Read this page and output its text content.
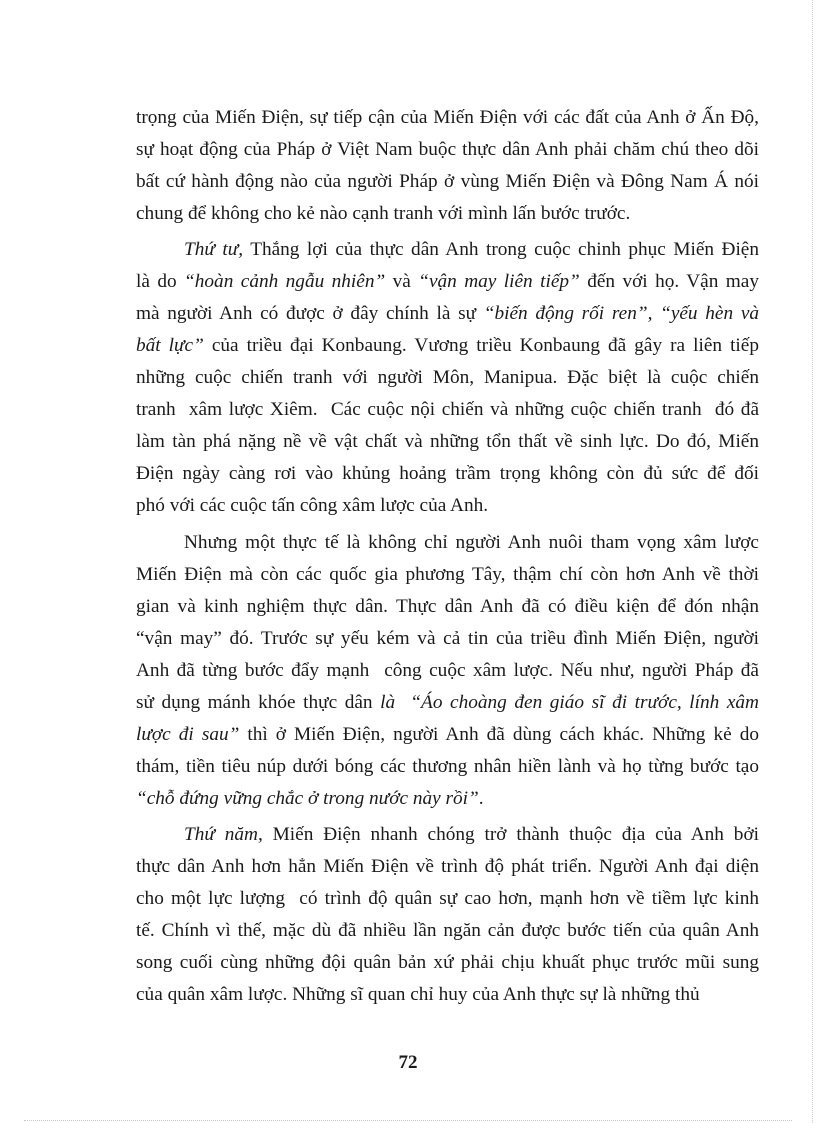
trọng của Miến Điện, sự tiếp cận của Miến Điện với các đất của Anh ở Ấn Độ,
sự hoạt động của Pháp ở Việt Nam buộc thực dân Anh phải chăm chú theo dõi
bất cứ hành động nào của người Pháp ở vùng Miến Điện và Đông Nam Á nói
chung để không cho kẻ nào cạnh tranh với mình lấn bước trước.
Thứ tư, Thắng lợi của thực dân Anh trong cuộc chinh phục Miến Điện
là do “hoàn cảnh ngẫu nhiên” và “vận may liên tiếp” đến với họ. Vận may
mà người Anh có được ở đây chính là sự “biến động rối ren”, “yếu hèn và
bất lực” của triều đại Konbaung. Vương triều Konbaung đã gây ra liên tiếp
những cuộc chiến tranh với người Môn, Manipua. Đặc biệt là cuộc chiến
tranh  xâm lược Xiêm.  Các cuộc nội chiến và những cuộc chiến tranh  đó đã
làm tàn phá nặng nề về vật chất và những tổn thất về sinh lực. Do đó, Miến
Điện ngày càng rơi vào khủng hoảng trầm trọng không còn đủ sức để đối
phó với các cuộc tấn công xâm lược của Anh.
Nhưng một thực tế là không chỉ người Anh nuôi tham vọng xâm lược
Miến Điện mà còn các quốc gia phương Tây, thậm chí còn hơn Anh về thời
gian và kinh nghiệm thực dân. Thực dân Anh đã có điều kiện để đón nhận
“vận may” đó. Trước sự yếu kém và cả tin của triều đình Miến Điện, người
Anh đã từng bước đẩy mạnh  công cuộc xâm lược. Nếu như, người Pháp đã
sử dụng mánh khóe thực dân là  “Áo choàng đen giáo sĩ đi trước, lính xâm
lược đi sau” thì ở Miến Điện, người Anh đã dùng cách khác. Những kẻ do
thám, tiền tiêu núp dưới bóng các thương nhân hiền lành và họ từng bước tạo
“chỗ đứng vững chắc ở trong nước này rồi”.
Thứ năm, Miến Điện nhanh chóng trở thành thuộc địa của Anh bởi
thực dân Anh hơn hẳn Miến Điện về trình độ phát triển. Người Anh đại diện
cho một lực lượng  có trình độ quân sự cao hơn, mạnh hơn về tiềm lực kinh
tế. Chính vì thế, mặc dù đã nhiều lần ngăn cản được bước tiến của quân Anh
song cuối cùng những đội quân bản xứ phải chịu khuất phục trước mũi sung
của quân xâm lược. Những sĩ quan chỉ huy của Anh thực sự là những thủ
72
